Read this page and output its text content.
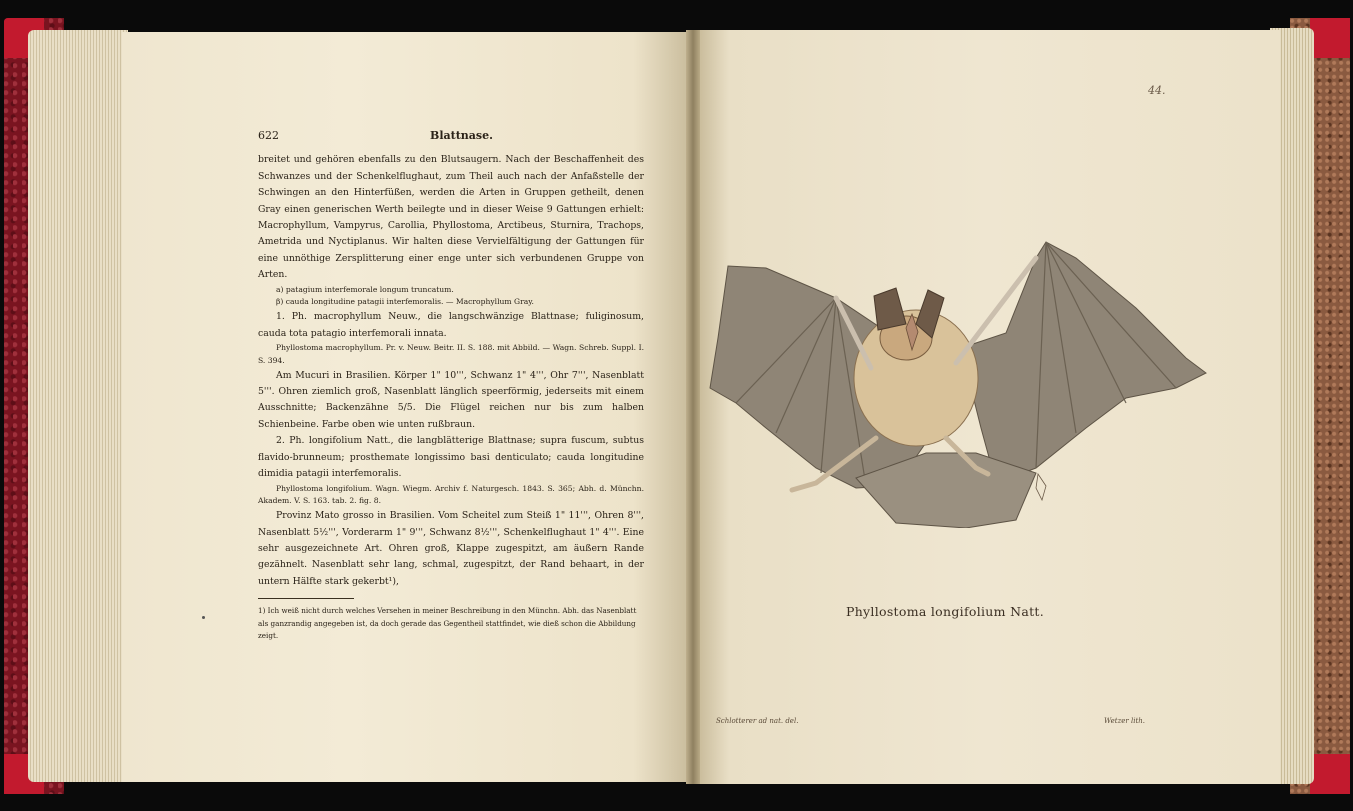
622	Blattnase.

breitet und gehören ebenfalls zu den Blutsaugern. Nach der Beschaffenheit des Schwanzes und der Schenkelflughaut, zum Theil auch nach der Anfaßstelle der Schwingen an den Hinterfüßen, werden die Arten in Gruppen getheilt, denen Gray einen generischen Werth beilegte und in dieser Weise 9 Gattungen erhielt: Macrophyllum, Vampyrus, Carollia, Phyllostoma, Arctibeus, Sturnira, Trachops, Ametrida und Nyctiplanus. Wir halten diese Vervielfältigung der Gattungen für eine unnöthige Zersplitterung einer enge unter sich verbundenen Gruppe von Arten.

a) patagium interfemorale longum truncatum.

β) cauda longitudine patagii interfemoralis. — Macrophyllum Gray.

1. Ph. macrophyllum Neuw., die langschwänzige Blattnase; fuliginosum, cauda tota patagio interfemorali innata.

Phyllostoma macrophyllum. Pr. v. Neuw. Beitr. II. S. 188. mit Abbild. — Wagn. Schreb. Suppl. I. S. 394.

Am Mucuri in Brasilien. Körper 1" 10''', Schwanz 1" 4''', Ohr 7''', Nasenblatt 5'''. Ohren ziemlich groß, Nasenblatt länglich speerförmig, jederseits mit einem Ausschnitte; Backenzähne 5/5. Die Flügel reichen nur bis zum halben Schienbeine. Farbe oben wie unten rußbraun.

2. Ph. longifolium Natt., die langblätterige Blattnase; supra fuscum, subtus flavido-brunneum; prosthemate longissimo basi denticulato; cauda longitudine dimidia patagii interfemoralis.

Phyllostoma longifolium. Wagn. Wiegm. Archiv f. Naturgesch. 1843. S. 365; Abh. d. Münchn. Akadem. V. S. 163. tab. 2. fig. 8.

Provinz Mato grosso in Brasilien. Vom Scheitel zum Steiß 1" 11''', Ohren 8''', Nasenblatt 5½''', Vorderarm 1" 9''', Schwanz 8½''', Schenkelflughaut 1" 4'''. Eine sehr ausgezeichnete Art. Ohren groß, Klappe zugespitzt, am äußern Rande gezähnelt. Nasenblatt sehr lang, schmal, zugespitzt, der Rand behaart, in der untern Hälfte stark gekerbt¹),

1) Ich weiß nicht durch welches Versehen in meiner Beschreibung in den Münchn. Abh. das Nasenblatt als ganzrandig angegeben ist, da doch gerade das Gegentheil stattfindet, wie dieß schon die Abbildung zeigt.

44.
Phyllostoma longifolium Natt.
Schlotterer ad nat. del.	Wetzer lith.
